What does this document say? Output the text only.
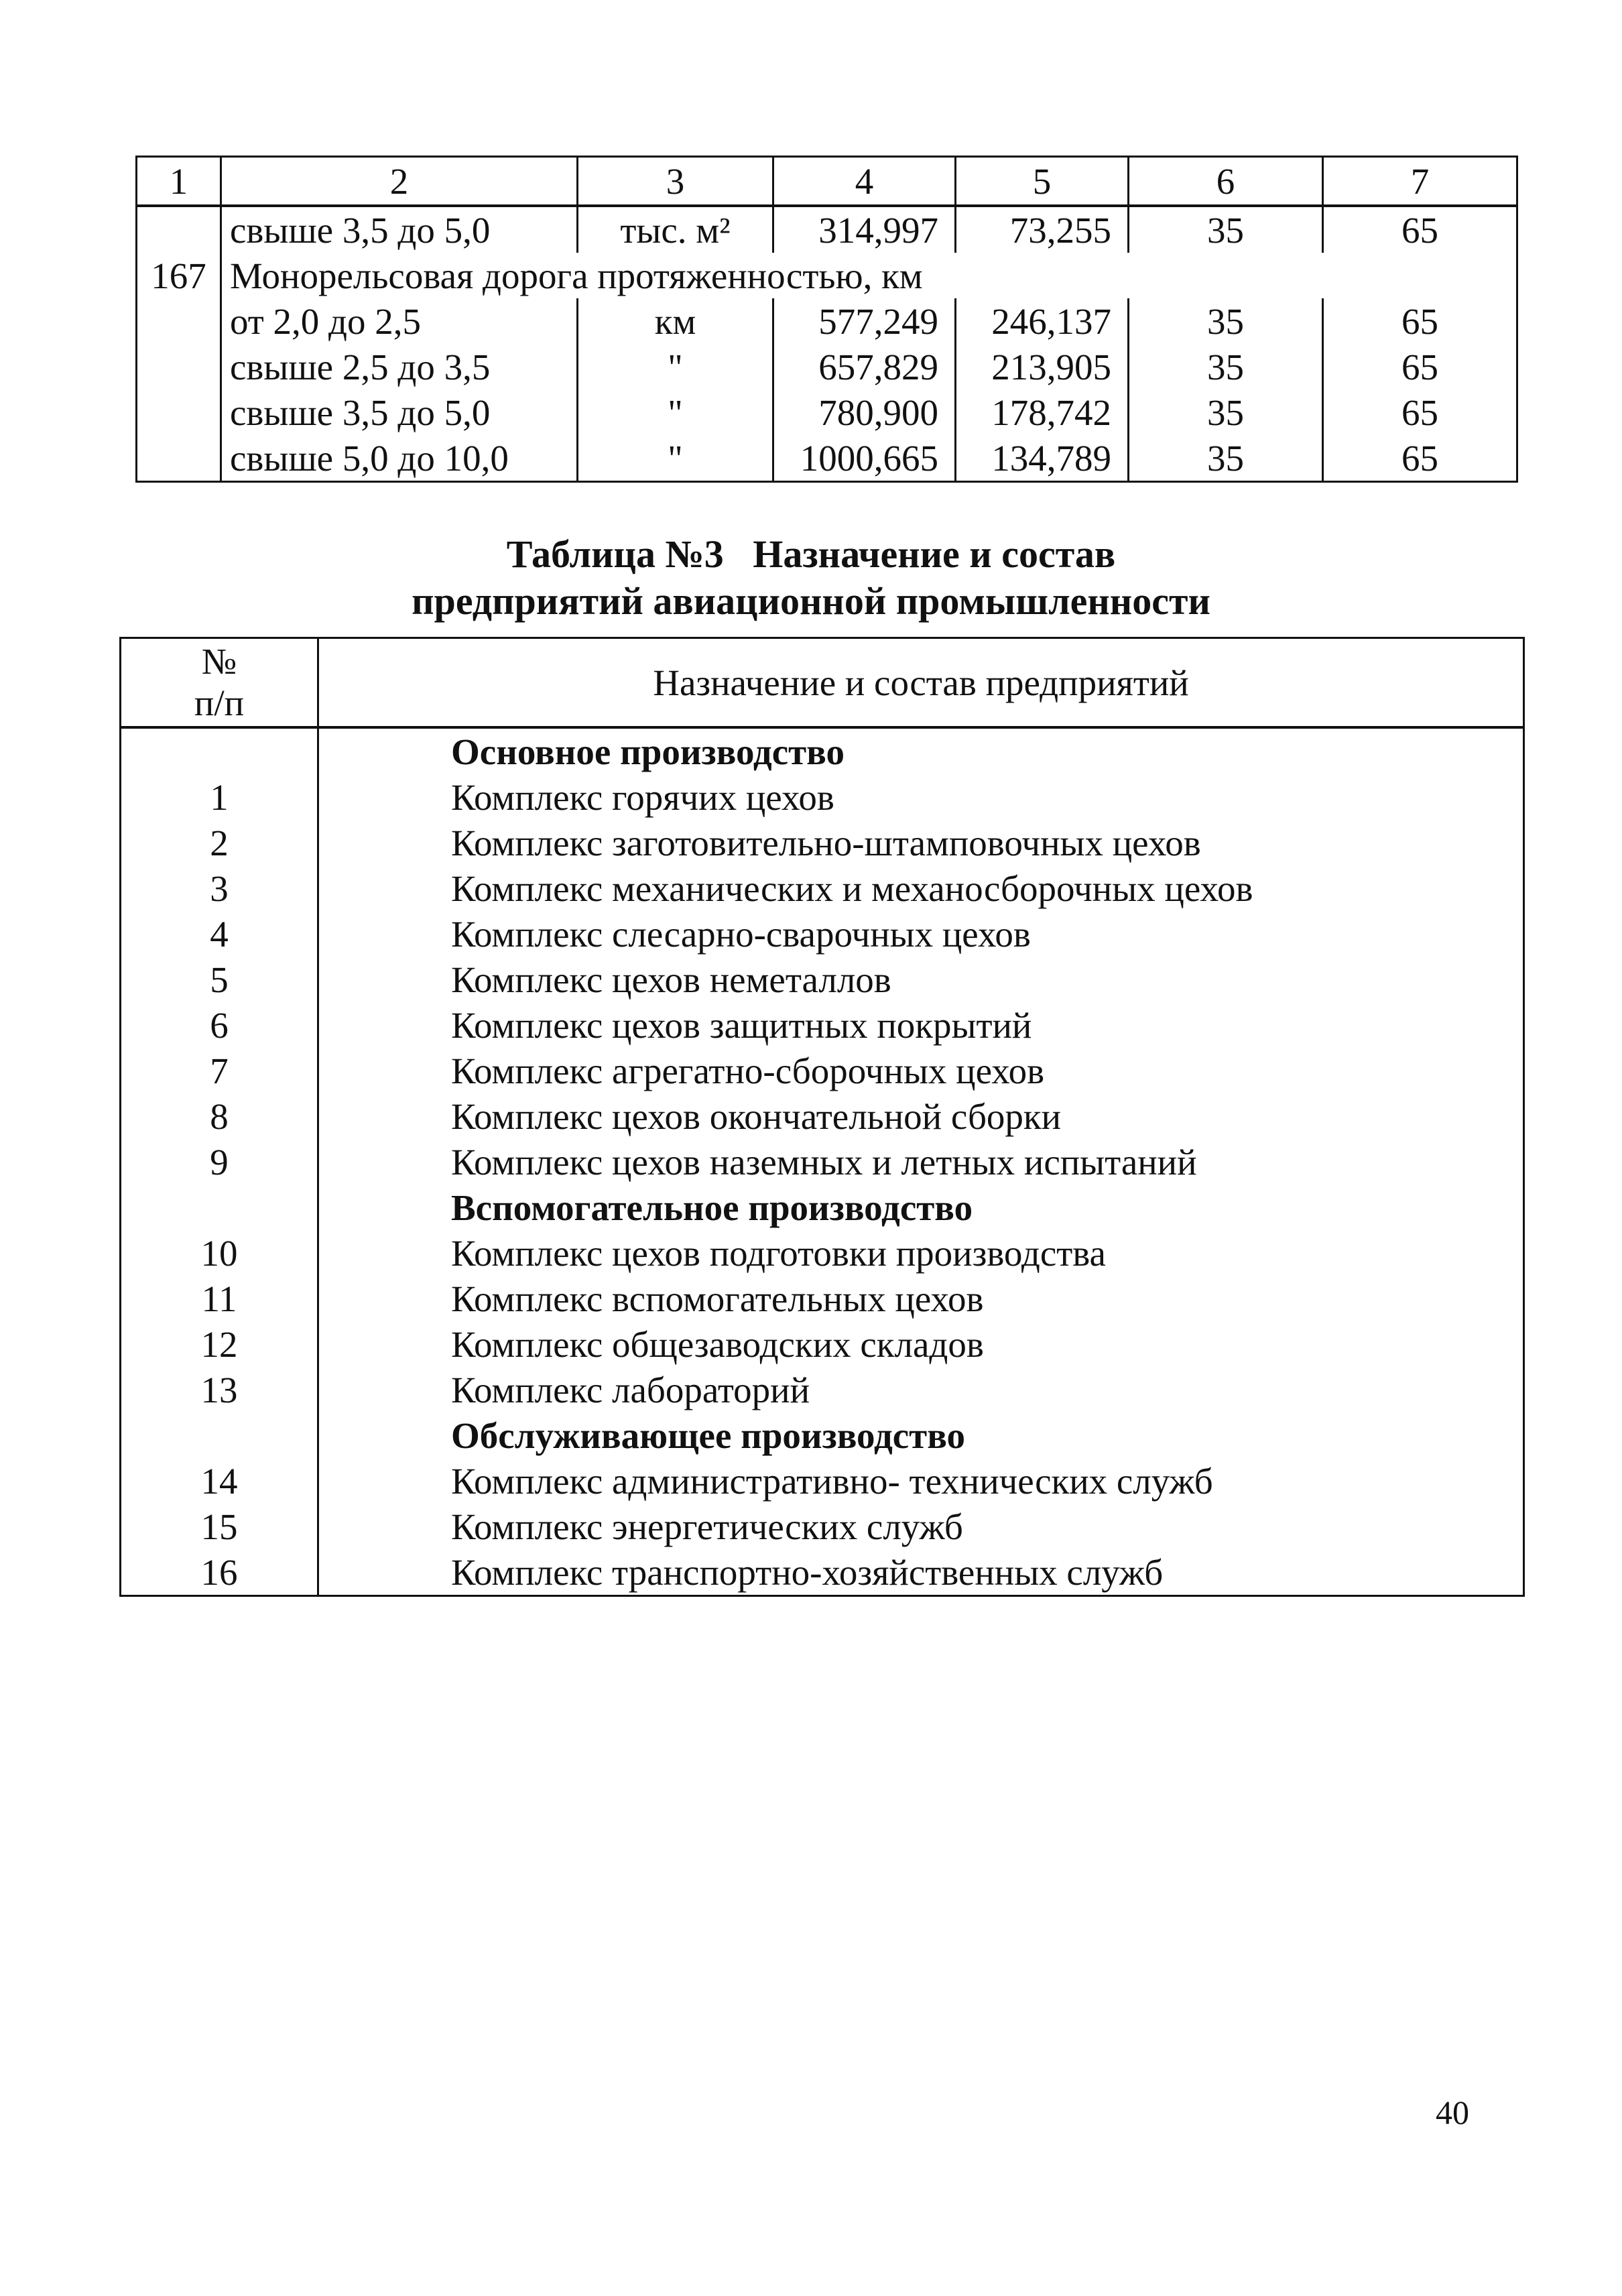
1	2	3	4	5	6	7
	свыше 3,5 до 5,0	тыс. м²	314,997	73,255	35	65
167	Монорельсовая дорога протяженностью, км					
	от 2,0 до 2,5	км	577,249	246,137	35	65
	свыше 2,5 до 3,5	"	657,829	213,905	35	65
	свыше 3,5 до 5,0	"	780,900	178,742	35	65
	свыше 5,0 до 10,0	"	1000,665	134,789	35	65
Таблица №3   Назначение и состав
предприятий авиационной промышленности
№
п/п	Назначение и состав предприятий
	Основное производство
1	Комплекс горячих цехов
2	Комплекс заготовительно-штамповочных цехов
3	Комплекс механических и механосборочных цехов
4	Комплекс слесарно-сварочных цехов
5	Комплекс цехов неметаллов
6	Комплекс цехов защитных покрытий
7	Комплекс агрегатно-сборочных цехов
8	Комплекс цехов окончательной сборки
9	Комплекс цехов наземных и летных испытаний
	Вспомогательное производство
10	Комплекс цехов подготовки производства
11	Комплекс вспомогательных цехов
12	Комплекс общезаводских складов
13	Комплекс лабораторий
	Обслуживающее производство
14	Комплекс административно- технических служб
15	Комплекс энергетических служб
16	Комплекс транспортно-хозяйственных служб
40
